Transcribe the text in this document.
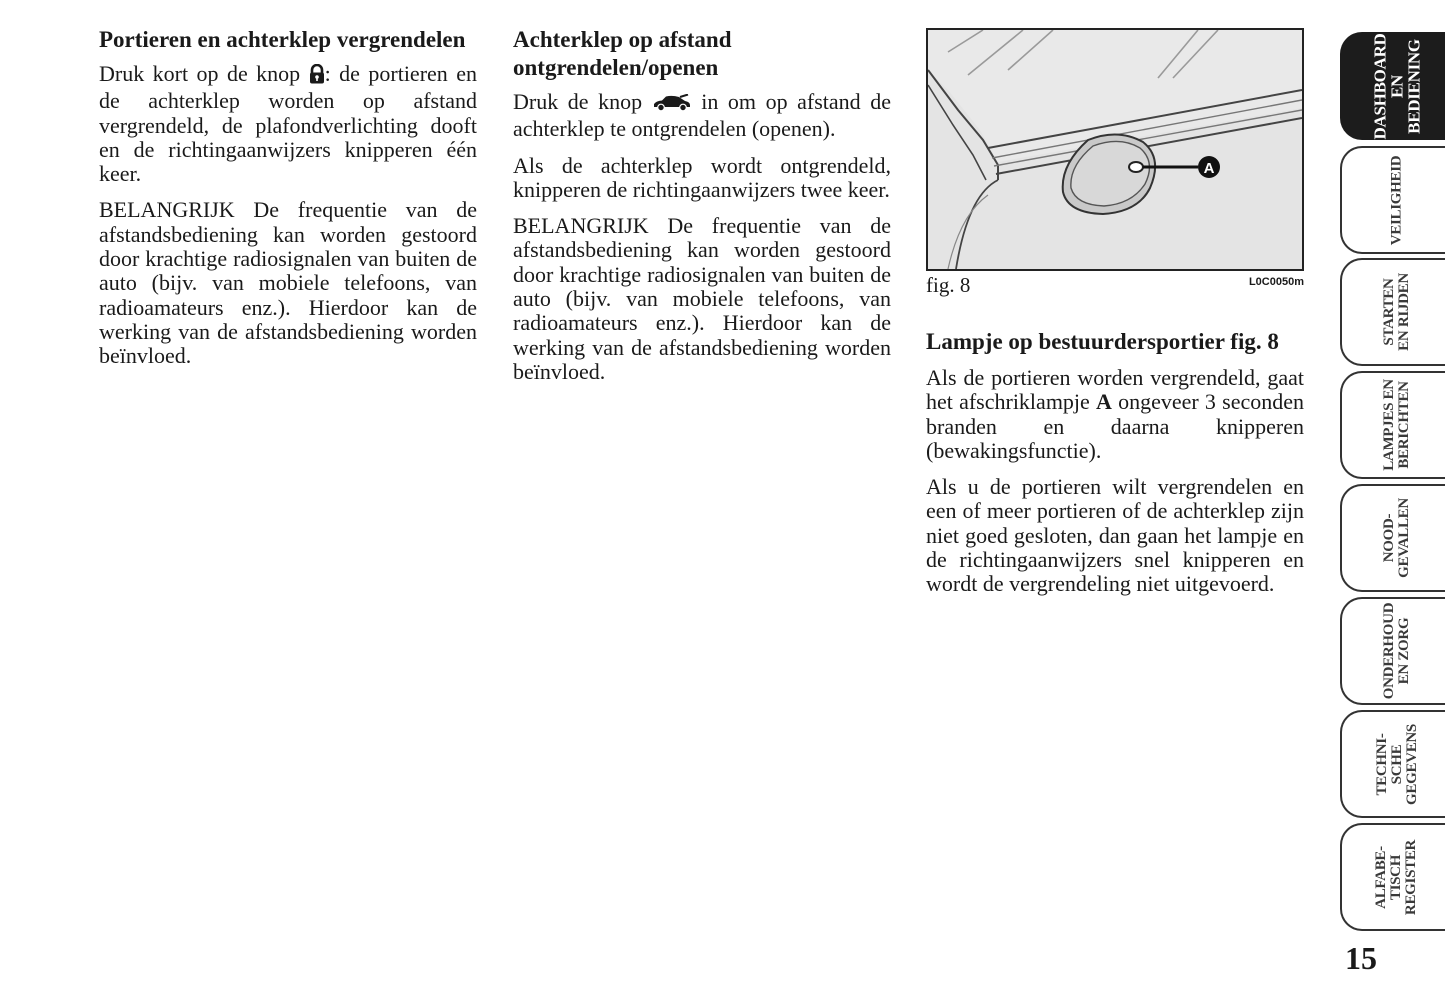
Portieren en achterklep vergrendelen

Druk kort op de knop : de portieren en de achterklep worden op afstand vergrendeld, de plafondverlichting dooft en de richtingaanwijzers knipperen één keer.

BELANGRIJK De frequentie van de afstandsbediening kan worden gestoord door krachtige radiosignalen van buiten de auto (bijv. van mobiele telefoons, van radioamateurs enz.). Hierdoor kan de werking van de afstandsbediening worden beïnvloed.

Achterklep op afstand ontgrendelen/openen

Druk de knop  in om op afstand de achterklep te ontgrendelen (openen).

Als de achterklep wordt ontgrendeld, knipperen de richtingaanwijzers twee keer.

BELANGRIJK De frequentie van de afstandsbediening kan worden gestoord door krachtige radiosignalen van buiten de auto (bijv. van mobiele telefoons, van radioamateurs enz.). Hierdoor kan de werking van de afstandsbediening worden beïnvloed.

A
fig. 8	L0C0050m
Lampje op bestuurdersportier fig. 8

Als de portieren worden vergrendeld, gaat het afschriklampje A ongeveer 3 seconden branden en daarna knipperen (bewakingsfunctie).

Als u de portieren wilt vergrendelen en een of meer portieren of de achterklep zijn niet goed gesloten, dan gaan het lampje en de richtingaanwijzers snel knipperen en wordt de vergrendeling niet uitgevoerd.

DASHBOARD
EN
BEDIENING
VEILIGHEID
STARTEN
EN RIJDEN
LAMPJES EN
BERICHTEN
NOOD-
GEVALLEN
ONDERHOUD
EN ZORG
TECHNI-
SCHE
GEGEVENS
ALFABE-
TISCH
REGISTER
15
